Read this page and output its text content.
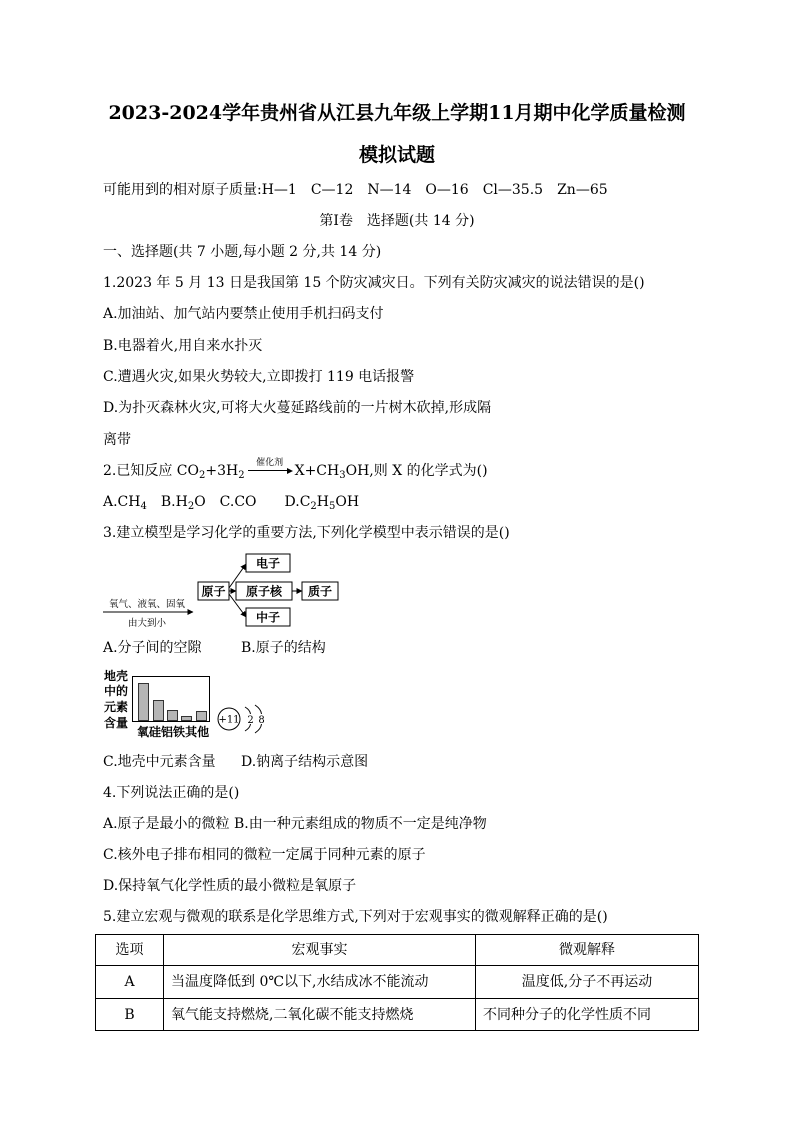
2023-2024学年贵州省从江县九年级上学期11月期中化学质量检测
模拟试题
可能用到的相对原子质量:H—1　C—12　N—14　O—16　Cl—35.5　Zn—65
第Ⅰ卷　选择题(共 14 分)
一、选择题(共 7 小题,每小题 2 分,共 14 分)
1.2023 年 5 月 13 日是我国第 15 个防灾减灾日。下列有关防灾减灾的说法错误的是()
A.加油站、加气站内要禁止使用手机扫码支付
B.电器着火,用自来水扑灭
C.遭遇火灾,如果火势较大,立即拨打 119 电话报警
D.为扑灭森林火灾,可将大火蔓延路线前的一片树木砍掉,形成隔
离带
2.已知反应 $CO_2+3H_2$
催化剂 $X+CH_3OH$,则 X 的化学式为()
$A.CH_4$　$B.H_2O$　C.CO　　$D.C_2H_5OH$
3.建立模型是学习化学的重要方法,下列化学模型中表示错误的是()
氧气、液氧、固氧
由大到小
原子
电子
原子核 质子
中子
A.分子间的空隙	B.原子的结构
地壳
中的
元素
含量
氧硅铝铁其他
+11 2 8
C.地壳中元素含量 D.钠离子结构示意图
4.下列说法正确的是()
A.原子是最小的微粒 B.由一种元素组成的物质不一定是纯净物
C.核外电子排布相同的微粒一定属于同种元素的原子
D.保持氧气化学性质的最小微粒是氧原子
5.建立宏观与微观的联系是化学思维方式,下列对于宏观事实的微观解释正确的是()
选项	宏观事实	微观解释
A	当温度降低到 0℃以下,水结成冰不能流动	温度低,分子不再运动
B	氧气能支持燃烧,二氧化碳不能支持燃烧	不同种分子的化学性质不同
